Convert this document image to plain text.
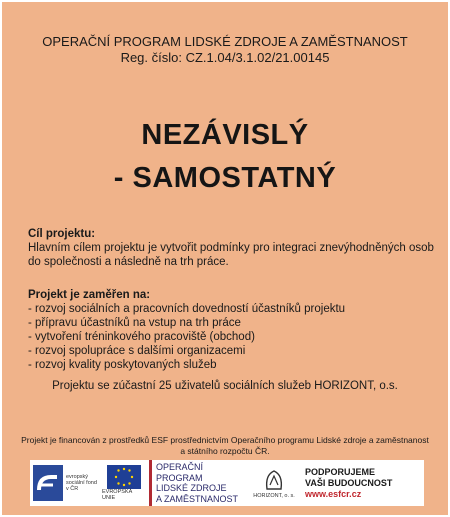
OPERAČNÍ PROGRAM LIDSKÉ ZDROJE A ZAMĚSTNANOST
Reg. číslo: CZ.1.04/3.1.02/21.00145
NEZÁVISLÝ
- SAMOSTATNÝ
Cíl projektu:
Hlavním cílem projektu je vytvořit podmínky pro integraci znevýhodněných osob do společnosti a následně na trh práce.
Projekt je zaměřen na:
- rozvoj sociálních a pracovních dovedností účastníků projektu
- přípravu účastníků na vstup na trh práce
- vytvoření tréninkového pracoviště (obchod)
- rozvoj spolupráce s dalšími organizacemi
- rozvoj kvality poskytovaných služeb
Projektu se zúčastní 25 uživatelů sociálních služeb HORIZONT, o.s.
Projekt je financován z prostředků ESF prostřednictvím Operačního programu Lidské zdroje a zaměstnanost
a státního rozpočtu ČR.
evropský sociální fond v ČR	EVROPSKÁ UNIE
OPERAČNÍ PROGRAM
LIDSKÉ ZDROJE
A ZAMĚSTNANOST	HORIZONT, o. s.
PODPORUJEME
VAŠI BUDOUCNOST
www.esfcr.cz
